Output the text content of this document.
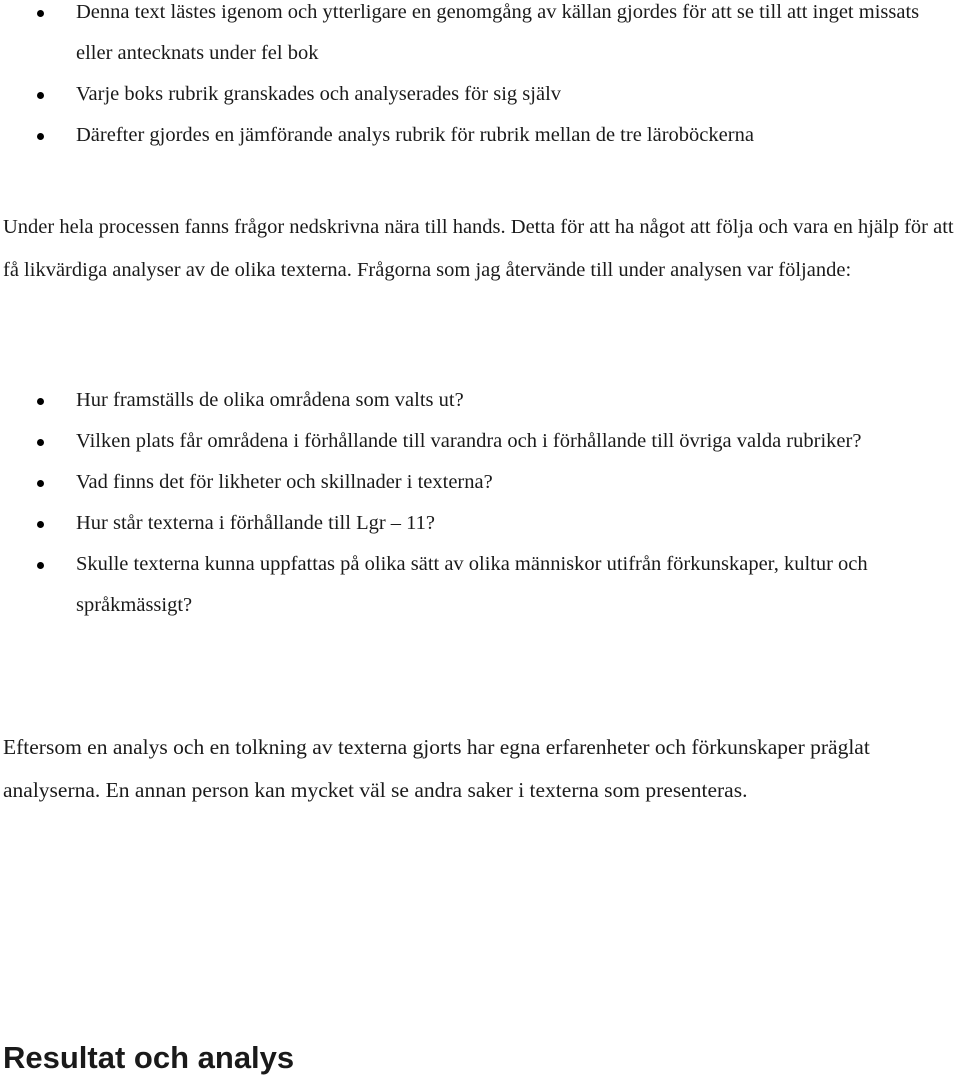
Denna text lästes igenom och ytterligare en genomgång av källan gjordes för att se till att inget missats eller antecknats under fel bok
Varje boks rubrik granskades och analyserades för sig själv
Därefter gjordes en jämförande analys rubrik för rubrik mellan de tre läroböckerna

Under hela processen fanns frågor nedskrivna nära till hands. Detta för att ha något att följa och vara en hjälp för att få likvärdiga analyser av de olika texterna. Frågorna som jag återvände till under analysen var följande:

Hur framställs de olika områdena som valts ut?
Vilken plats får områdena i förhållande till varandra och i förhållande till övriga valda rubriker?
Vad finns det för likheter och skillnader i texterna?
Hur står texterna i förhållande till Lgr – 11?
Skulle texterna kunna uppfattas på olika sätt av olika människor utifrån förkunskaper, kultur och språkmässigt?

Eftersom en analys och en tolkning av texterna gjorts har egna erfarenheter och förkunskaper präglat analyserna. En annan person kan mycket väl se andra saker i texterna som presenteras.

Resultat och analys
